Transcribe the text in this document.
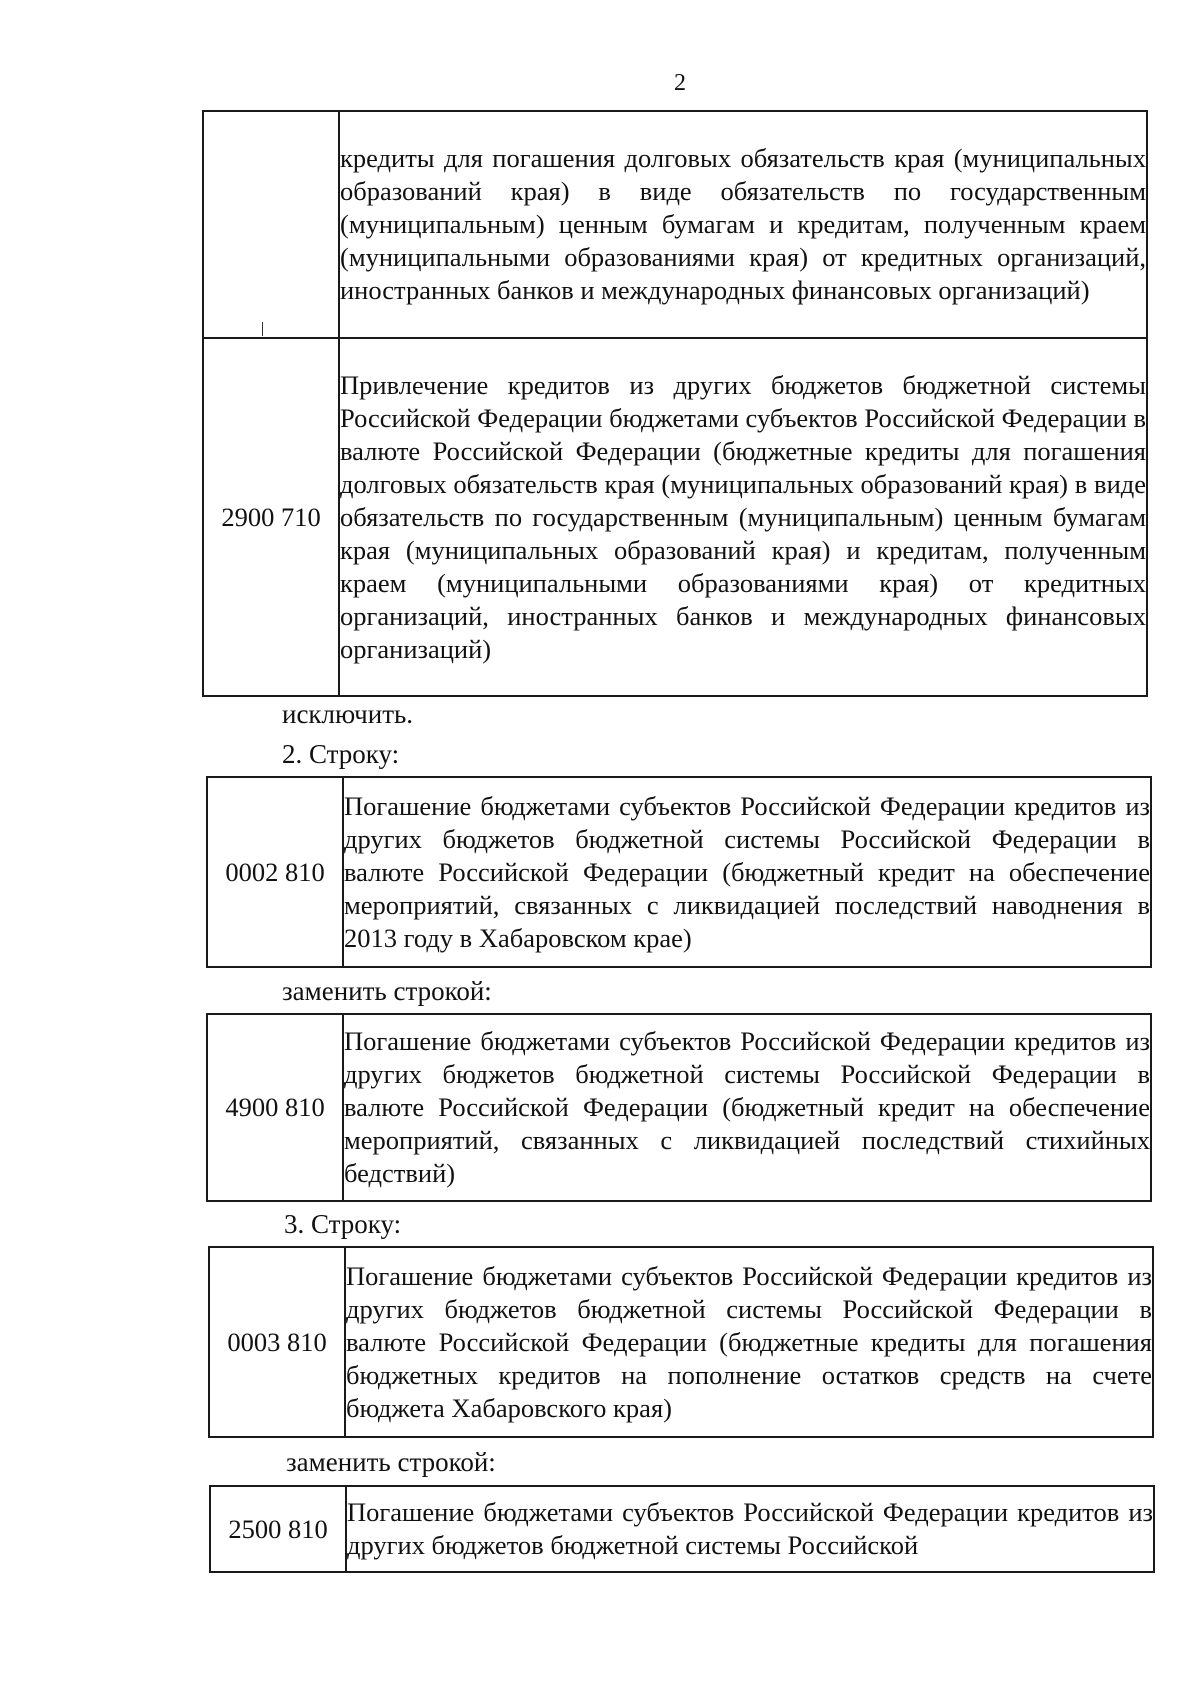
2
	кредиты для погашения долговых обязательств края (муниципальных образований края) в виде обязательств по государственным (муниципальным) ценным бумагам и кредитам, полученным краем (муниципальными образованиями края) от кредитных организаций, иностранных банков и международных финансовых организаций)
2900 710	Привлечение кредитов из других бюджетов бюджетной системы Российской Федерации бюджетами субъектов Российской Федерации в валюте Российской Федерации (бюджетные кредиты для погашения долговых обязательств края (муниципальных образований края) в виде обязательств по государственным (муниципальным) ценным бумагам края (муниципальных образований края) и кредитам, полученным краем (муниципальными образованиями края) от кредитных организаций, иностранных банков и международных финансовых организаций)
исключить.
2. Строку:
0002 810	Погашение бюджетами субъектов Российской Федерации кредитов из других бюджетов бюджетной системы Российской Федерации в валюте Российской Федерации (бюджетный кредит на обеспечение мероприятий, связанных с ликвидацией последствий наводнения в 2013 году в Хабаровском крае)
заменить строкой:
4900 810	Погашение бюджетами субъектов Российской Федерации кредитов из других бюджетов бюджетной системы Российской Федерации в валюте Российской Федерации (бюджетный кредит на обеспечение мероприятий, связанных с ликвидацией последствий стихийных бедствий)
3. Строку:
0003 810	Погашение бюджетами субъектов Российской Федерации кредитов из других бюджетов бюджетной системы Российской Федерации в валюте Российской Федерации (бюджетные кредиты для погашения бюджетных кредитов на пополнение остатков средств на счете бюджета Хабаровского края)
заменить строкой:
2500 810	Погашение бюджетами субъектов Российской Федерации кредитов из других бюджетов бюджетной системы Российской
